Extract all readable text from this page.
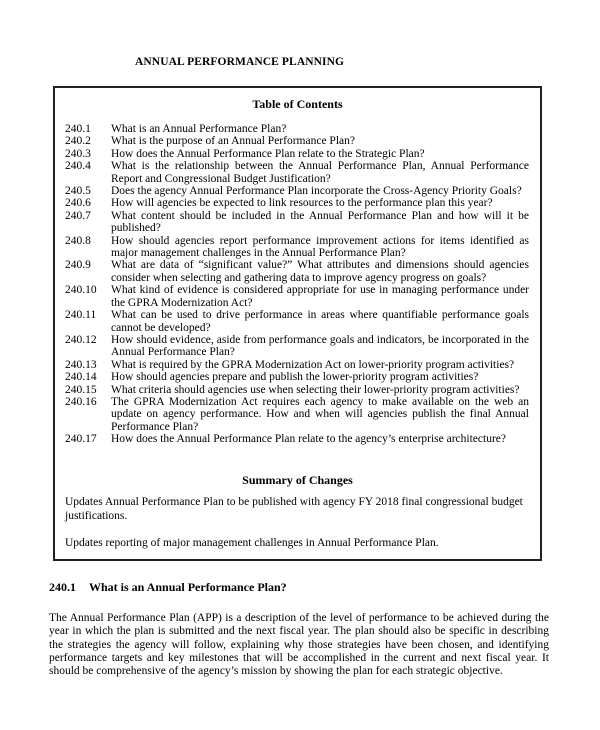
ANNUAL PERFORMANCE PLANNING
Table of Contents
240.1	What is an Annual Performance Plan?
240.2	What is the purpose of an Annual Performance Plan?
240.3	How does the Annual Performance Plan relate to the Strategic Plan?
240.4	What is the relationship between the Annual Performance Plan, Annual Performance Report and Congressional Budget Justification?
240.5	Does the agency Annual Performance Plan incorporate the Cross-Agency Priority Goals?
240.6	How will agencies be expected to link resources to the performance plan this year?
240.7	What content should be included in the Annual Performance Plan and how will it be published?
240.8	How should agencies report performance improvement actions for items identified as major management challenges in the Annual Performance Plan?
240.9	What are data of “significant value?” What attributes and dimensions should agencies consider when selecting and gathering data to improve agency progress on goals?
240.10	What kind of evidence is considered appropriate for use in managing performance under the GPRA Modernization Act?
240.11	What can be used to drive performance in areas where quantifiable performance goals cannot be developed?
240.12	How should evidence, aside from performance goals and indicators, be incorporated in the Annual Performance Plan?
240.13	What is required by the GPRA Modernization Act on lower-priority program activities?
240.14	How should agencies prepare and publish the lower-priority program activities?
240.15	What criteria should agencies use when selecting their lower-priority program activities?
240.16	The GPRA Modernization Act requires each agency to make available on the web an update on agency performance. How and when will agencies publish the final Annual Performance Plan?
240.17	How does the Annual Performance Plan relate to the agency’s enterprise architecture?
Summary of Changes
Updates Annual Performance Plan to be published with agency FY 2018 final congressional budget justifications.
Updates reporting of major management challenges in Annual Performance Plan.
240.1 What is an Annual Performance Plan?
The Annual Performance Plan (APP) is a description of the level of performance to be achieved during the year in which the plan is submitted and the next fiscal year. The plan should also be specific in describing the strategies the agency will follow, explaining why those strategies have been chosen, and identifying performance targets and key milestones that will be accomplished in the current and next fiscal year. It should be comprehensive of the agency’s mission by showing the plan for each strategic objective.
